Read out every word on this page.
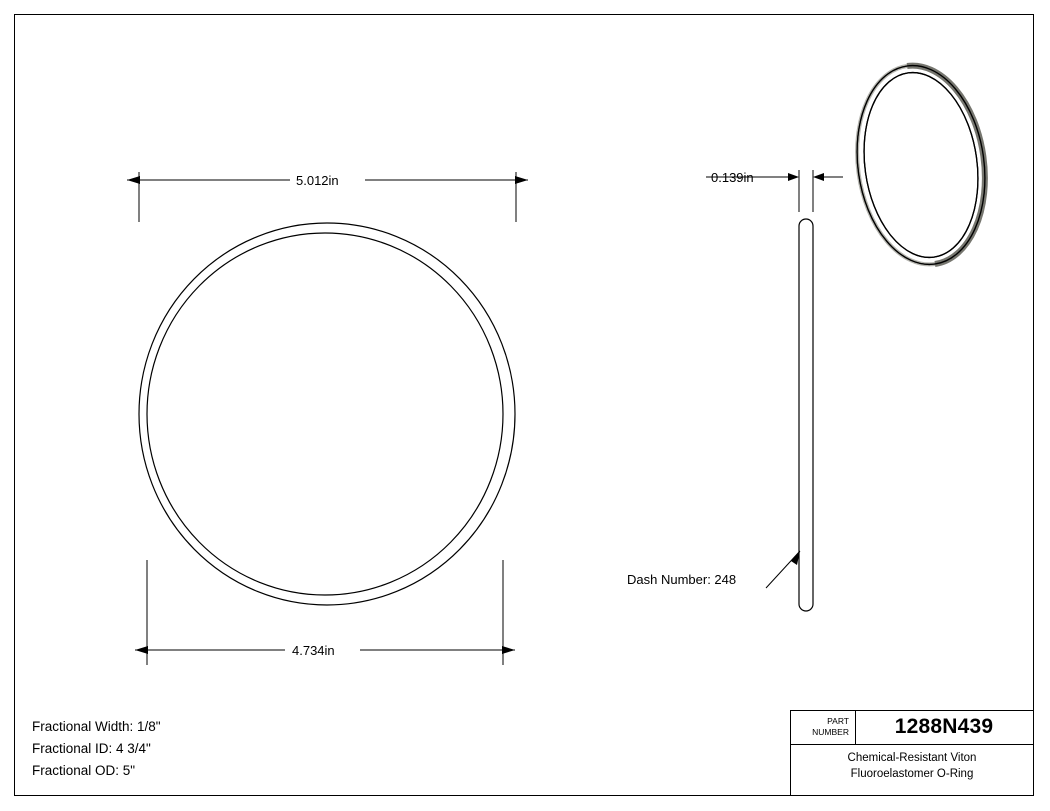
5.012in
4.734in
0.139in
Dash Number: 248
Fractional Width: 1/8"
Fractional ID: 4 3/4"
Fractional OD: 5"
PART
NUMBER	1288N439
Chemical-Resistant Viton
Fluoroelastomer O-Ring
